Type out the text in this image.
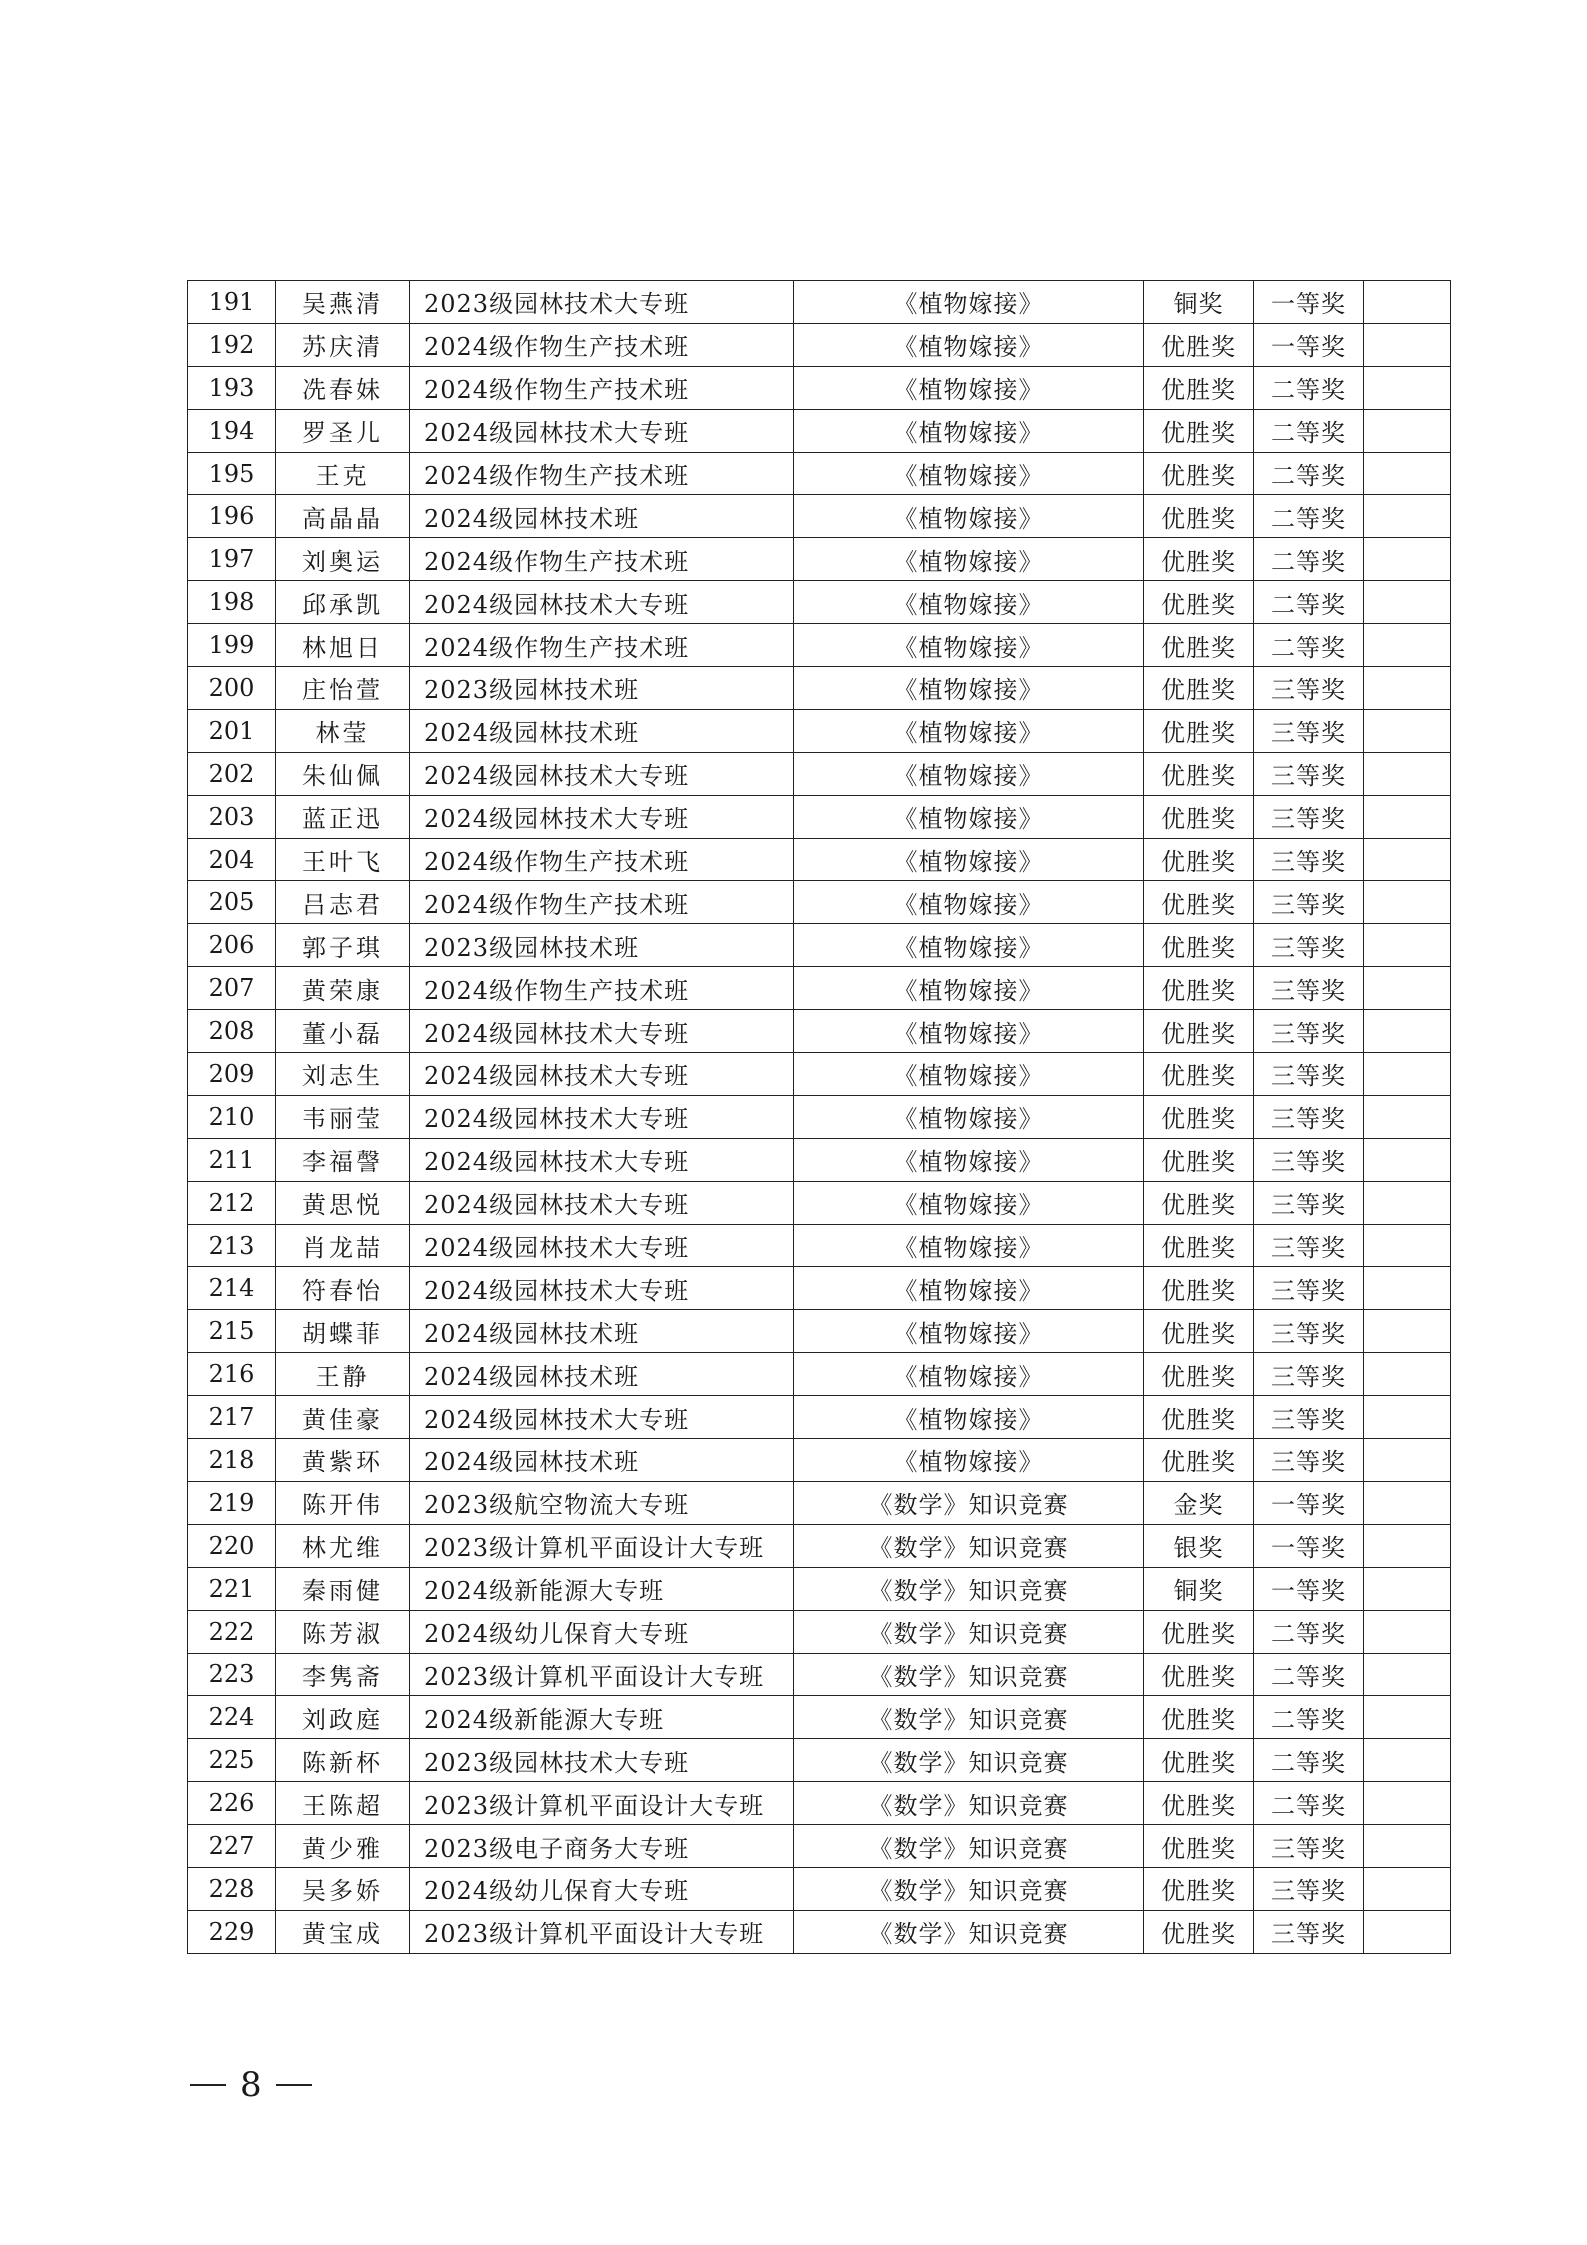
191	吴燕清	2023级园林技术大专班	《植物嫁接》	铜奖	一等奖	
192	苏庆清	2024级作物生产技术班	《植物嫁接》	优胜奖	一等奖	
193	冼春妹	2024级作物生产技术班	《植物嫁接》	优胜奖	二等奖	
194	罗圣儿	2024级园林技术大专班	《植物嫁接》	优胜奖	二等奖	
195	王克	2024级作物生产技术班	《植物嫁接》	优胜奖	二等奖	
196	高晶晶	2024级园林技术班	《植物嫁接》	优胜奖	二等奖	
197	刘奥运	2024级作物生产技术班	《植物嫁接》	优胜奖	二等奖	
198	邱承凯	2024级园林技术大专班	《植物嫁接》	优胜奖	二等奖	
199	林旭日	2024级作物生产技术班	《植物嫁接》	优胜奖	二等奖	
200	庄怡萱	2023级园林技术班	《植物嫁接》	优胜奖	三等奖	
201	林莹	2024级园林技术班	《植物嫁接》	优胜奖	三等奖	
202	朱仙佩	2024级园林技术大专班	《植物嫁接》	优胜奖	三等奖	
203	蓝正迅	2024级园林技术大专班	《植物嫁接》	优胜奖	三等奖	
204	王叶飞	2024级作物生产技术班	《植物嫁接》	优胜奖	三等奖	
205	吕志君	2024级作物生产技术班	《植物嫁接》	优胜奖	三等奖	
206	郭子琪	2023级园林技术班	《植物嫁接》	优胜奖	三等奖	
207	黄荣康	2024级作物生产技术班	《植物嫁接》	优胜奖	三等奖	
208	董小磊	2024级园林技术大专班	《植物嫁接》	优胜奖	三等奖	
209	刘志生	2024级园林技术大专班	《植物嫁接》	优胜奖	三等奖	
210	韦丽莹	2024级园林技术大专班	《植物嫁接》	优胜奖	三等奖	
211	李福謦	2024级园林技术大专班	《植物嫁接》	优胜奖	三等奖	
212	黄思悦	2024级园林技术大专班	《植物嫁接》	优胜奖	三等奖	
213	肖龙喆	2024级园林技术大专班	《植物嫁接》	优胜奖	三等奖	
214	符春怡	2024级园林技术大专班	《植物嫁接》	优胜奖	三等奖	
215	胡蝶菲	2024级园林技术班	《植物嫁接》	优胜奖	三等奖	
216	王静	2024级园林技术班	《植物嫁接》	优胜奖	三等奖	
217	黄佳豪	2024级园林技术大专班	《植物嫁接》	优胜奖	三等奖	
218	黄紫环	2024级园林技术班	《植物嫁接》	优胜奖	三等奖	
219	陈开伟	2023级航空物流大专班	《数学》知识竞赛	金奖	一等奖	
220	林尤维	2023级计算机平面设计大专班	《数学》知识竞赛	银奖	一等奖	
221	秦雨健	2024级新能源大专班	《数学》知识竞赛	铜奖	一等奖	
222	陈芳淑	2024级幼儿保育大专班	《数学》知识竞赛	优胜奖	二等奖	
223	李隽斋	2023级计算机平面设计大专班	《数学》知识竞赛	优胜奖	二等奖	
224	刘政庭	2024级新能源大专班	《数学》知识竞赛	优胜奖	二等奖	
225	陈新杯	2023级园林技术大专班	《数学》知识竞赛	优胜奖	二等奖	
226	王陈超	2023级计算机平面设计大专班	《数学》知识竞赛	优胜奖	二等奖	
227	黄少雅	2023级电子商务大专班	《数学》知识竞赛	优胜奖	三等奖	
228	吴多娇	2024级幼儿保育大专班	《数学》知识竞赛	优胜奖	三等奖	
229	黄宝成	2023级计算机平面设计大专班	《数学》知识竞赛	优胜奖	三等奖	
8
